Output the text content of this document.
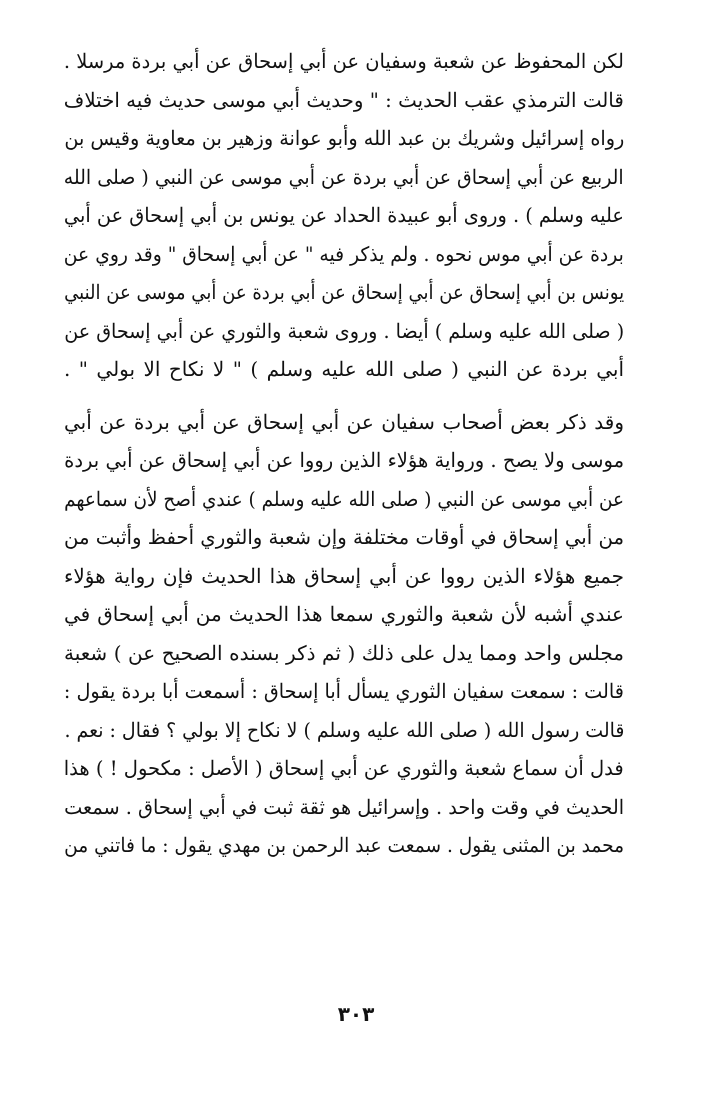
لكن المحفوظ عن شعبة وسفيان عن أبي إسحاق عن أبي بردة مرسلا .
قالت الترمذي عقب الحديث : " وحديث أبي موسى حديث فيه اختلاف
رواه إسرائيل وشريك بن عبد الله وأبو عوانة وزهير بن معاوية وقيس بن
الربيع عن أبي إسحاق عن أبي بردة عن أبي موسى عن النبي ( صلى الله
عليه وسلم ) . وروى أبو عبيدة الحداد عن يونس بن أبي إسحاق عن أبي
بردة عن أبي موس نحوه . ولم يذكر فيه " عن أبي إسحاق " وقد روي عن
يونس بن أبي إسحاق عن أبي إسحاق عن أبي بردة عن أبي موسى عن النبي
( صلى الله عليه وسلم ) أيضا . وروى شعبة والثوري عن أبي إسحاق عن
أبي بردة عن النبي ( صلى الله عليه وسلم ) " لا نكاح الا بولي " .
وقد ذكر بعض أصحاب سفيان عن أبي إسحاق عن أبي بردة عن أبي
موسى ولا يصح . ورواية هؤلاء الذين رووا عن أبي إسحاق عن أبي بردة
عن أبي موسى عن النبي ( صلى الله عليه وسلم ) عندي أصح لأن سماعهم
من أبي إسحاق في أوقات مختلفة وإن شعبة والثوري أحفظ وأثبت من
جميع هؤلاء الذين رووا عن أبي إسحاق هذا الحديث فإن رواية هؤلاء
عندي أشبه لأن شعبة والثوري سمعا هذا الحديث من أبي إسحاق في
مجلس واحد ومما يدل على ذلك ( ثم ذكر بسنده الصحيح عن ) شعبة
قالت : سمعت سفيان الثوري يسأل أبا إسحاق : أسمعت أبا بردة يقول :
قالت رسول الله ( صلى الله عليه وسلم ) لا نكاح إلا بولي ؟ فقال : نعم .
فدل أن سماع شعبة والثوري عن أبي إسحاق ( الأصل : مكحول ! ) هذا
الحديث في وقت واحد . وإسرائيل هو ثقة ثبت في أبي إسحاق . سمعت
محمد بن المثنى يقول . سمعت عبد الرحمن بن مهدي يقول : ما فاتني من
٣٠٣
